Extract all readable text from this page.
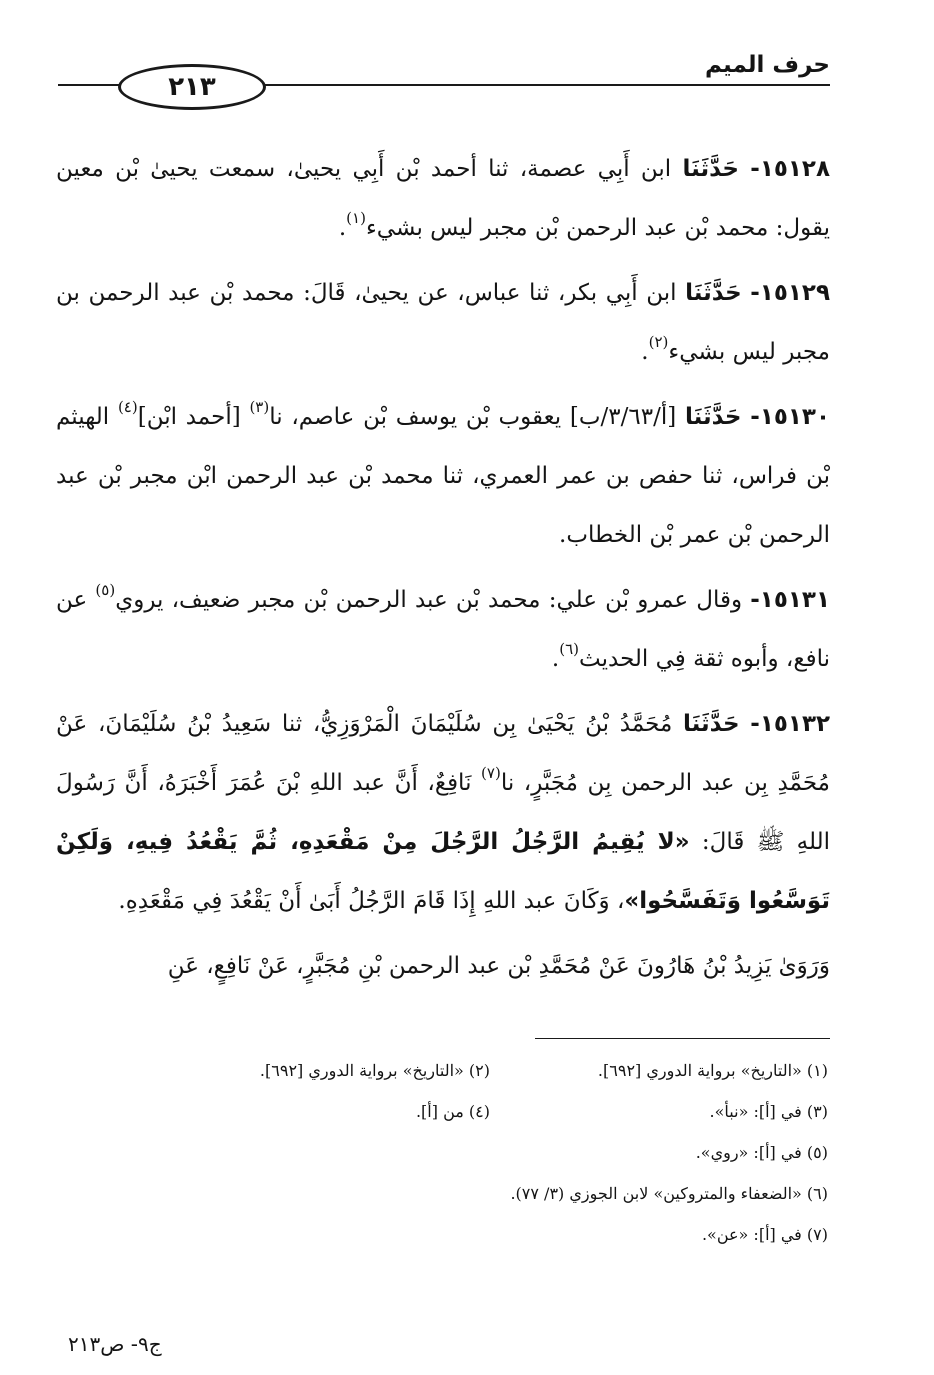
٢١٣
حرف الميم

١٥١٢٨- حَدَّثَنَا ابن أَبِي عصمة، ثنا أحمد بْن أَبِي يحيىٰ، سمعت يحيىٰ بْن معين يقول: محمد بْن عبد الرحمن بْن مجبر ليس بشيء$^{(١)}$.

١٥١٢٩- حَدَّثَنَا ابن أَبِي بكر، ثنا عباس، عن يحيىٰ، قَالَ: محمد بْن عبد الرحمن بن مجبر ليس بشيء$^{(٢)}$.

١٥١٣٠- حَدَّثَنَا [أ/٣/٦٣/ب] يعقوب بْن يوسف بْن عاصم، نا$^{(٣)}$ [أحمد ابْن]$^{(٤)}$ الهيثم بْن فراس، ثنا حفص بن عمر العمري، ثنا محمد بْن عبد الرحمن ابْن مجبر بْن عبد الرحمن بْن عمر بْن الخطاب.

١٥١٣١- وقال عمرو بْن علي: محمد بْن عبد الرحمن بْن مجبر ضعيف، يروي$^{(٥)}$ عن نافع، وأبوه ثقة فِي الحديث$^{(٦)}$.

١٥١٣٢- حَدَّثَنَا مُحَمَّدُ بْنُ يَحْيَىٰ بِن سُلَيْمَانَ الْمَرْوَزِيُّ، ثنا سَعِيدُ بْنُ سُلَيْمَانَ، عَنْ مُحَمَّدِ بِن عبد الرحمن بِن مُجَبَّرٍ، نا$^{(٧)}$ نَافِعٌ، أَنَّ عبد اللهِ بْنَ عُمَرَ أَخْبَرَهُ، أَنَّ رَسُولَ اللهِ ﷺ قَالَ: «لا يُقِيمُ الرَّجُلُ الرَّجُلَ مِنْ مَقْعَدِهِ، ثُمَّ يَقْعُدُ فِيهِ، وَلَكِنْ تَوَسَّعُوا وَتَفَسَّحُوا»، وَكَانَ عبد اللهِ إِذَا قَامَ الرَّجُلُ أَبَىٰ أَنْ يَقْعُدَ فِي مَقْعَدِهِ.

وَرَوَىٰ يَزِيدُ بْنُ هَارُونَ عَنْ مُحَمَّدِ بْن عبد الرحمن بْنِ مُجَبَّرٍ، عَنْ نَافِعٍ، عَنِ

(١) «التاريخ» برواية الدوري [٦٩٢].
(٢) «التاريخ» برواية الدوري [٦٩٢].
(٣) في [أ]: «نبأ».
(٤) من [أ].
(٥) في [أ]: «روي».
(٦) «الضعفاء والمتروكين» لابن الجوزي (٣/ ٧٧).
(٧) في [أ]: «عن».
ج٩- ص٢١٣
